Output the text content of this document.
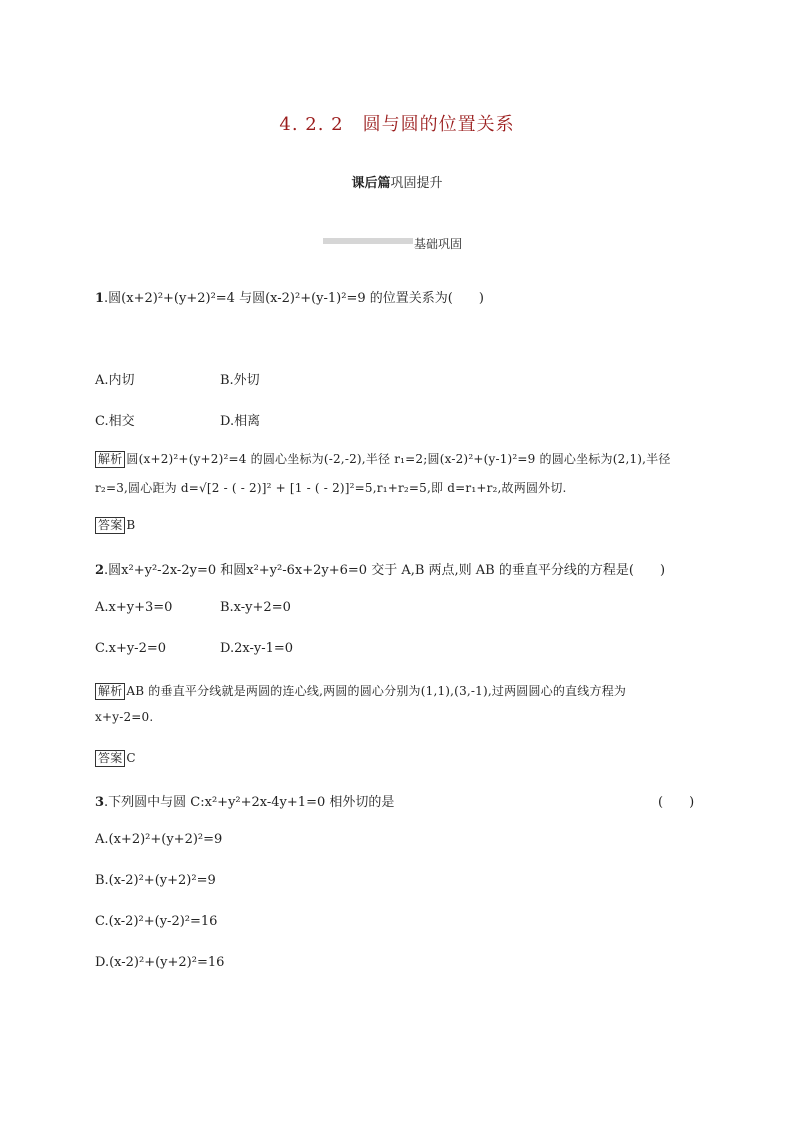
4. 2. 2　圆与圆的位置关系
课后篇巩固提升
基础巩固
1.圆(x+2)²+(y+2)²=4 与圆(x-2)²+(y-1)²=9 的位置关系为(　　)
A.内切	B.外切
C.相交	D.相离
解析 圆(x+2)²+(y+2)²=4 的圆心坐标为(-2,-2),半径 r₁=2;圆(x-2)²+(y-1)²=9 的圆心坐标为(2,1),半径
r₂=3,圆心距为 d=√[2 - ( - 2)]² + [1 - ( - 2)]²=5,r₁+r₂=5,即 d=r₁+r₂,故两圆外切.
答案 B
2.圆x²+y²-2x-2y=0 和圆x²+y²-6x+2y+6=0 交于 A,B 两点,则 AB 的垂直平分线的方程是(　　)
A.x+y+3=0	B.x-y+2=0
C.x+y-2=0	D.2x-y-1=0
解析 AB 的垂直平分线就是两圆的连心线,两圆的圆心分别为(1,1),(3,-1),过两圆圆心的直线方程为
x+y-2=0.
答案 C
3.下列圆中与圆 C:x²+y²+2x-4y+1=0 相外切的是	(　　)
A.(x+2)²+(y+2)²=9
B.(x-2)²+(y+2)²=9
C.(x-2)²+(y-2)²=16
D.(x-2)²+(y+2)²=16
